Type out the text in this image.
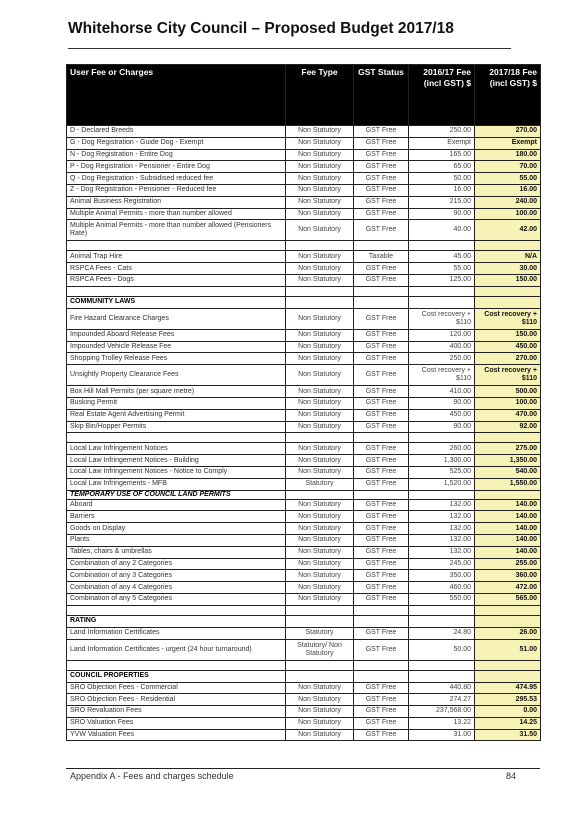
Whitehorse City Council – Proposed Budget 2017/18
User Fee or Charges	Fee Type	GST Status	2016/17 Fee (incl GST) $	2017/18 Fee (incl GST) $
D - Declared Breeds	Non Statutory	GST Free	250.00	270.00
G - Dog Registration - Guide Dog - Exempt	Non Statutory	GST Free	Exempt	Exempt
N - Dog Registration - Entire Dog	Non Statutory	GST Free	165.00	180.00
P - Dog Registration - Pensioner - Entire Dog	Non Statutory	GST Free	65.00	70.00
Q - Dog Registration - Subsidised reduced fee	Non Statutory	GST Free	50.00	55.00
Z - Dog Registration - Pensioner - Reduced fee	Non Statutory	GST Free	16.00	16.00
Animal Business Registration	Non Statutory	GST Free	215.00	240.00
Multiple Animal Permits - more than number allowed	Non Statutory	GST Free	90.00	100.00
Multiple Animal Permits - more than number allowed (Pensioners Rate)	Non Statutory	GST Free	40.00	42.00

Animal Trap Hire	Non Statutory	Taxable	45.00	N/A
RSPCA Fees - Cats	Non Statutory	GST Free	55.00	30.00
RSPCA Fees - Dogs	Non Statutory	GST Free	125.00	150.00

COMMUNITY LAWS				
Fire Hazard Clearance Charges	Non Statutory	GST Free	Cost recovery + $110	Cost recovery + $110
Impounded Aboard Release Fees	Non Statutory	GST Free	120.00	150.00
Impounded Vehicle Release Fee	Non Statutory	GST Free	400.00	450.00
Shopping Trolley Release Fees	Non Statutory	GST Free	250.00	270.00
Unsightly Property Clearance Fees	Non Statutory	GST Free	Cost recovery + $110	Cost recovery + $110
Box Hill Mall Permits (per square metre)	Non Statutory	GST Free	410.00	500.00
Busking Permit	Non Statutory	GST Free	90.00	100.00
Real Estate Agent Advertising Permit	Non Statutory	GST Free	450.00	470.00
Skip Bin/Hopper Permits	Non Statutory	GST Free	90.00	92.00

Local Law Infringement Notices	Non Statutory	GST Free	260.00	275.00
Local Law Infringement Notices - Building	Non Statutory	GST Free	1,300.00	1,350.00
Local Law Infringement Notices - Notice to Comply	Non Statutory	GST Free	525.00	540.00
Local Law Infringements - MFB	Statutory	GST Free	1,520.00	1,550.00
TEMPORARY USE OF COUNCIL LAND PERMITS				
Aboard	Non Statutory	GST Free	132.00	140.00
Barriers	Non Statutory	GST Free	132.00	140.00
Goods on Display	Non Statutory	GST Free	132.00	140.00
Plants	Non Statutory	GST Free	132.00	140.00
Tables, chairs & umbrellas	Non Statutory	GST Free	132.00	140.00
Combination of any 2 Categories	Non Statutory	GST Free	245.00	255.00
Combination of any 3 Categories	Non Statutory	GST Free	350.00	360.00
Combination of any 4 Categories	Non Statutory	GST Free	460.00	472.00
Combination of any 5 Categories	Non Statutory	GST Free	550.00	565.00

RATING				
Land Information Certificates	Statutory	GST Free	24.80	26.00
Land Information Certificates - urgent (24 hour turnaround)	Statutory/ Non Statutory	GST Free	50.00	51.00

COUNCIL PROPERTIES				
SRO Objection Fees - Commercial	Non Statutory	GST Free	440.80	474.95
SRO Objection Fees - Residential	Non Statutory	GST Free	274.27	295.53
SRO Revaluation Fees	Non Statutory	GST Free	237,568.00	0.00
SRO Valuation Fees	Non Statutory	GST Free	13.22	14.25
YVW Valuation Fees	Non Statutory	GST Free	31.00	31.50
Appendix A - Fees and charges schedule	84
